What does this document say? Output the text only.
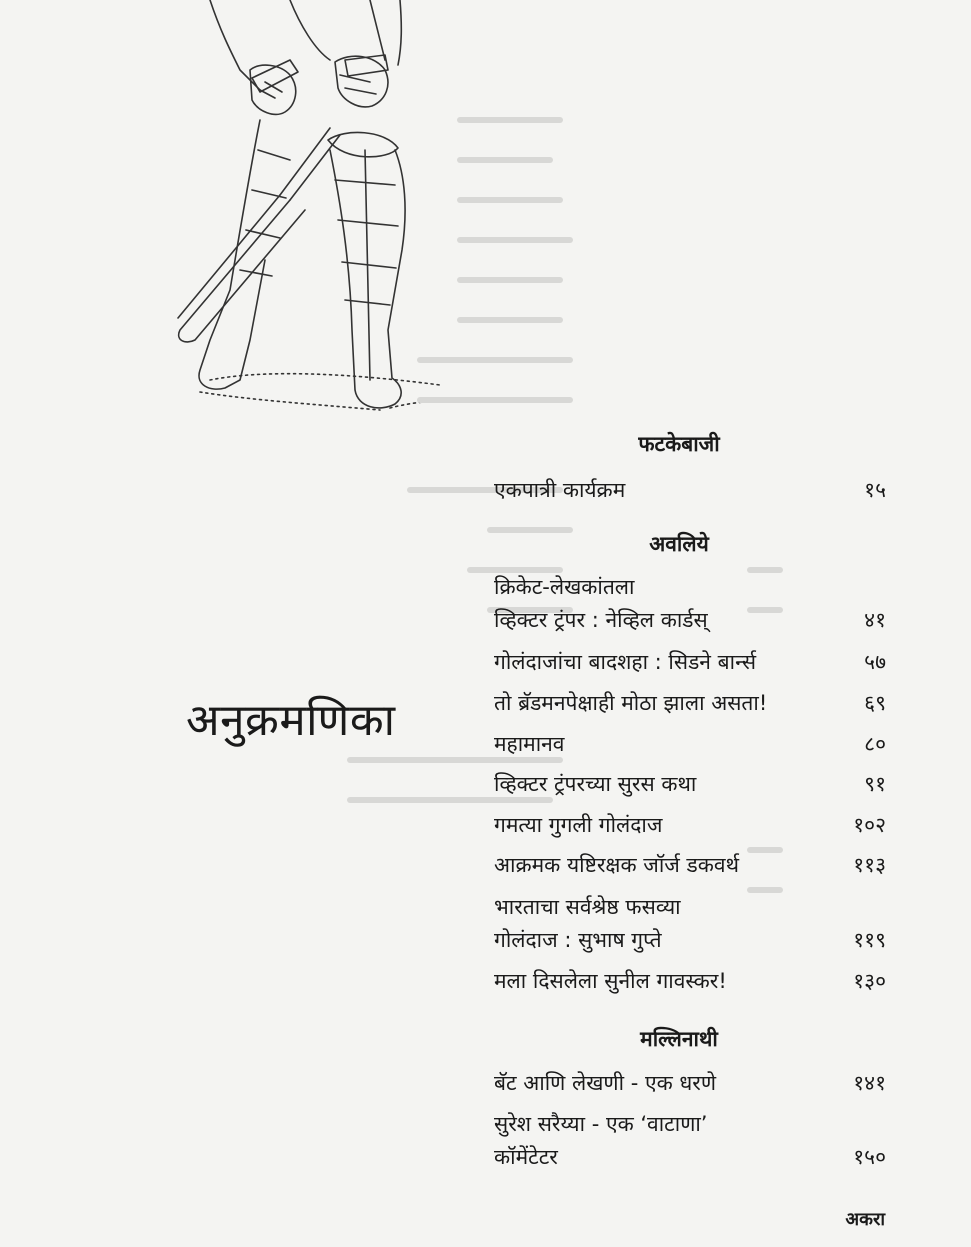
अनुक्रमणिका
फटकेबाजी
एकपात्री कार्यक्रम	१५
अवलिये
क्रिकेट-लेखकांतला
व्हिक्टर ट्रंपर : नेव्हिल कार्डस्	४१
गोलंदाजांचा बादशहा : सिडने बार्न्स	५७
तो ब्रॅडमनपेक्षाही मोठा झाला असता!	६९
महामानव	८०
व्हिक्टर ट्रंपरच्या सुरस कथा	९१
गमत्या गुगली गोलंदाज	१०२
आक्रमक यष्टिरक्षक जॉर्ज डकवर्थ	११३
भारताचा सर्वश्रेष्ठ फसव्या
गोलंदाज : सुभाष गुप्ते	११९
मला दिसलेला सुनील गावस्कर!	१३०
मल्लिनाथी
बॅट आणि लेखणी - एक धरणे	१४१
सुरेश सरैय्या - एक ‘वाटाणा’
कॉमेंटेटर	१५०
अकरा
